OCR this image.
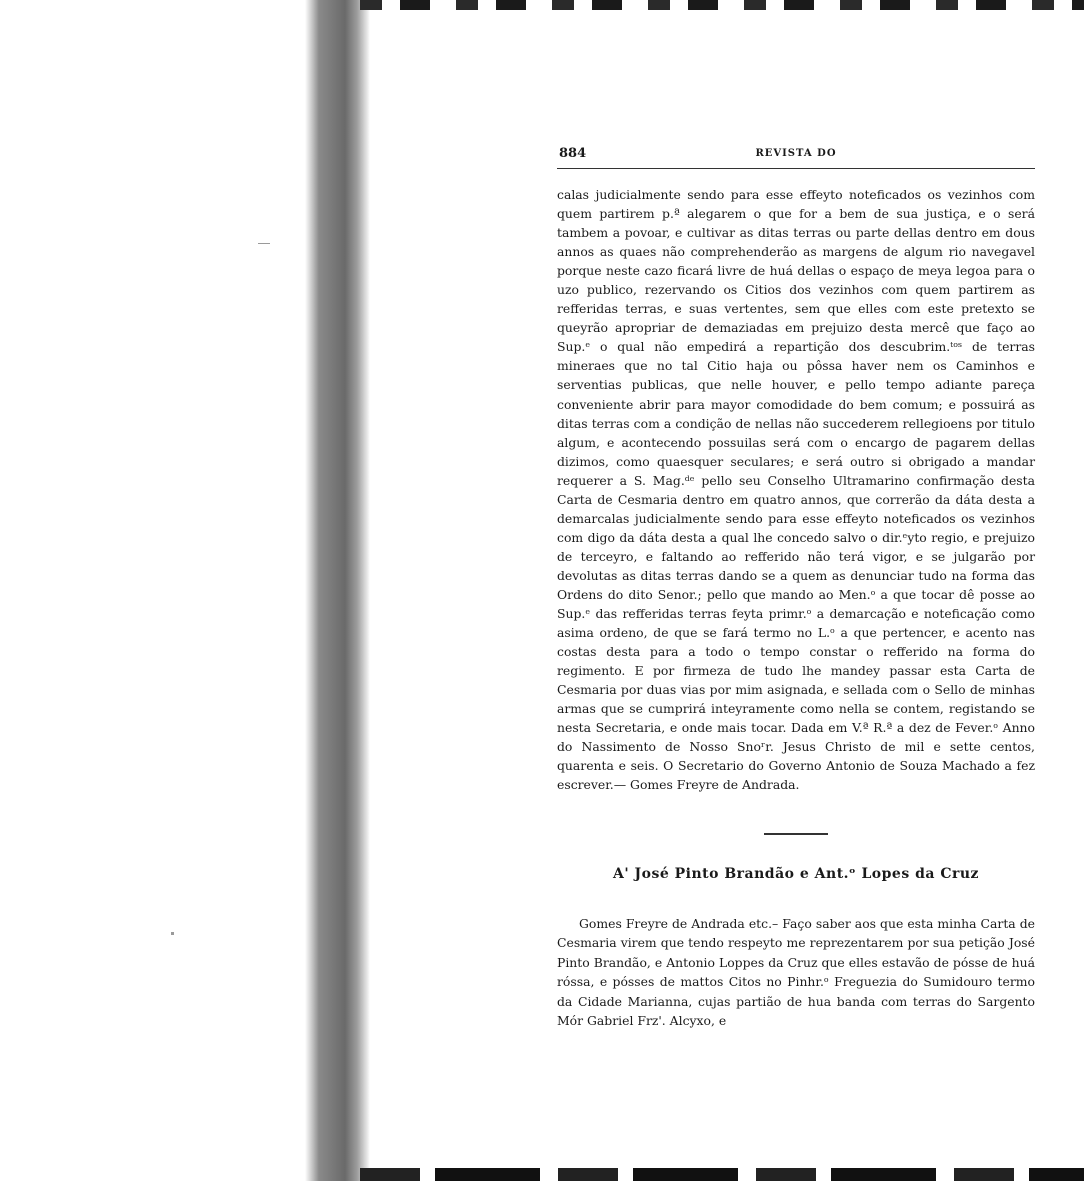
884	REVISTA DO

calas judicialmente sendo para esse effeyto noteficados os vezinhos com quem partirem p.ª alegarem o que for a bem de sua justiça, e o será tambem a povoar, e cultivar as ditas terras ou parte dellas dentro em dous annos as quaes não comprehenderão as margens de algum rio navegavel porque neste cazo ficará livre de huá dellas o espaço de meya legoa para o uzo publico, rezervando os Citios dos vezinhos com quem partirem as refferidas terras, e suas vertentes, sem que elles com este pretexto se queyrão apropriar de demaziadas em prejuizo desta mercê que faço ao Sup.ᵉ o qual não empedirá a repartição dos descubrim.ᵗᵒˢ de terras mineraes que no tal Citio haja ou pôssa haver nem os Caminhos e serventias publicas, que nelle houver, e pello tempo adiante pareça conveniente abrir para mayor comodidade do bem comum; e possuirá as ditas terras com a condição de nellas não succederem rellegioens por titulo algum, e acontecendo possuilas será com o encargo de pagarem dellas dizimos, como quaesquer seculares; e será outro si obrigado a mandar requerer a S. Mag.ᵈᵉ pello seu Conselho Ultramarino confirmação desta Carta de Cesmaria dentro em quatro annos, que correrão da dáta desta a demarcalas judicialmente sendo para esse effeyto noteficados os vezinhos com digo da dáta desta a qual lhe concedo salvo o dir.ᵉyto regio, e prejuizo de terceyro, e faltando ao refferido não terá vigor, e se julgarão por devolutas as ditas terras dando se a quem as denunciar tudo na forma das Ordens do dito Senor.; pello que mando ao Men.ᵒ a que tocar dê posse ao Sup.ᵉ das refferidas terras feyta primr.ᵒ a demarcação e noteficação como asima ordeno, de que se fará termo no L.ᵒ a que pertencer, e acento nas costas desta para a todo o tempo constar o refferido na forma do regimento. E por firmeza de tudo lhe mandey passar esta Carta de Cesmaria por duas vias por mim asignada, e sellada com o Sello de minhas armas que se cumprirá inteyramente como nella se contem, registando se nesta Secretaria, e onde mais tocar. Dada em V.ª R.ª a dez de Fever.ᵒ Anno do Nassimento de Nosso Snoʳr. Jesus Christo de mil e sette centos, quarenta e seis. O Secretario do Governo Antonio de Souza Machado a fez escrever.— Gomes Freyre de Andrada.

A' José Pinto Brandão e Ant.ᵒ Lopes da Cruz

Gomes Freyre de Andrada etc.– Faço saber aos que esta minha Carta de Cesmaria virem que tendo respeyto me reprezentarem por sua petição José Pinto Brandão, e Antonio Loppes da Cruz que elles estavão de pósse de huá róssa, e pósses de mattos Citos no Pinhr.ᵒ Freguezia do Sumidouro termo da Cidade Marianna, cujas partião de hua banda com terras do Sargento Mór Gabriel Frz'. Alcyxo, e
